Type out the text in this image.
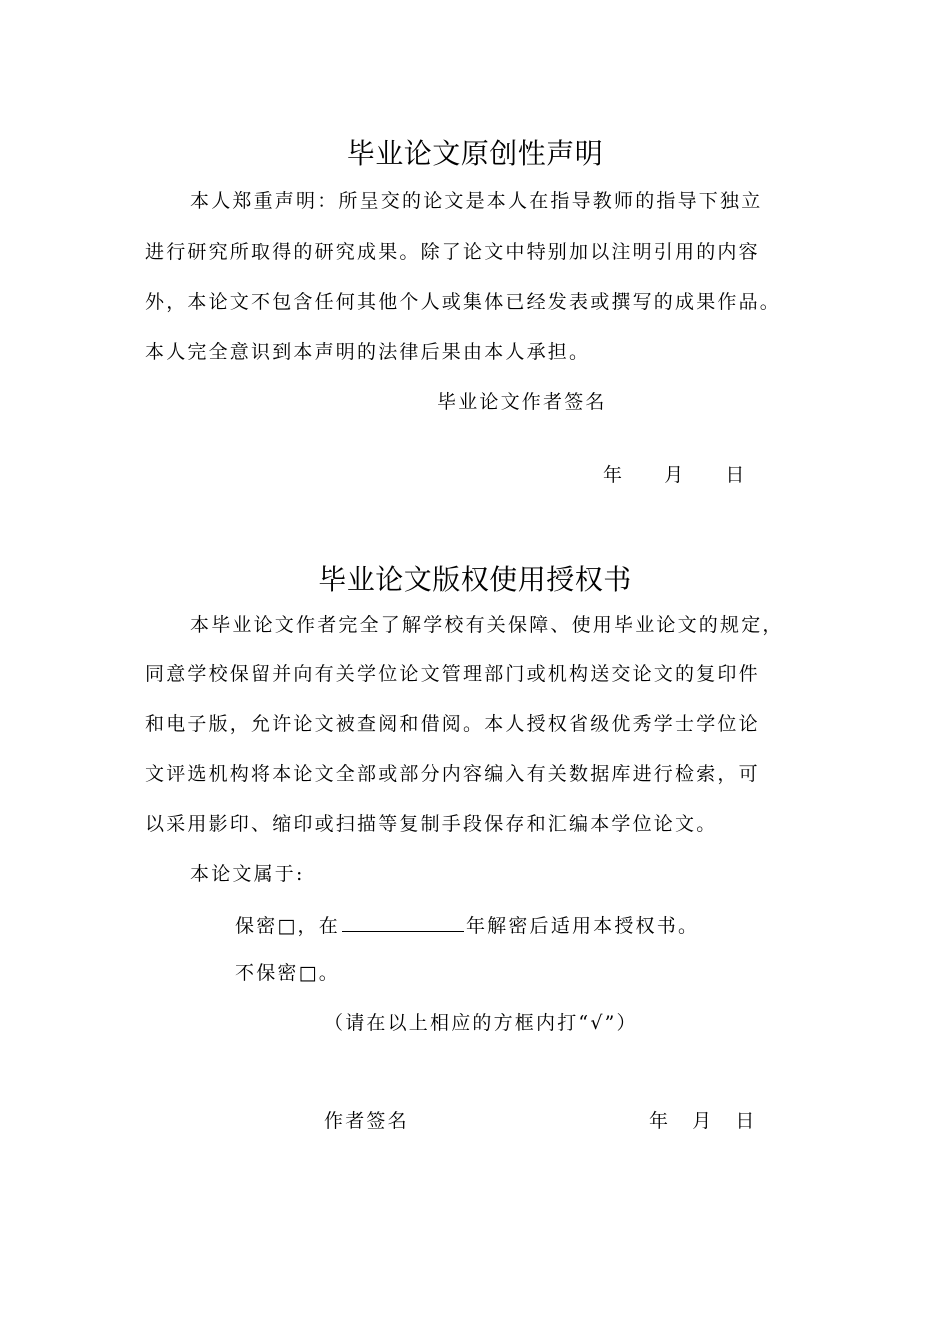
毕业论文原创性声明

本人郑重声明：所呈交的论文是本人在指导教师的指导下独立

进行研究所取得的研究成果。除了论文中特别加以注明引用的内容

外，本论文不包含任何其他个人或集体已经发表或撰写的成果作品。

本人完全意识到本声明的法律后果由本人承担。

毕业论文作者签名

年 月 日
毕业论文版权使用授权书

本毕业论文作者完全了解学校有关保障、使用毕业论文的规定，

同意学校保留并向有关学位论文管理部门或机构送交论文的复印件

和电子版，允许论文被查阅和借阅。本人授权省级优秀学士学位论

文评选机构将本论文全部或部分内容编入有关数据库进行检索，可

以采用影印、缩印或扫描等复制手段保存和汇编本学位论文。

本论文属于:

保密□，在	年解密后适用本授权书。

不保密□。

（请在以上相应的方框内打“√”）

作者签名	年 月 日
